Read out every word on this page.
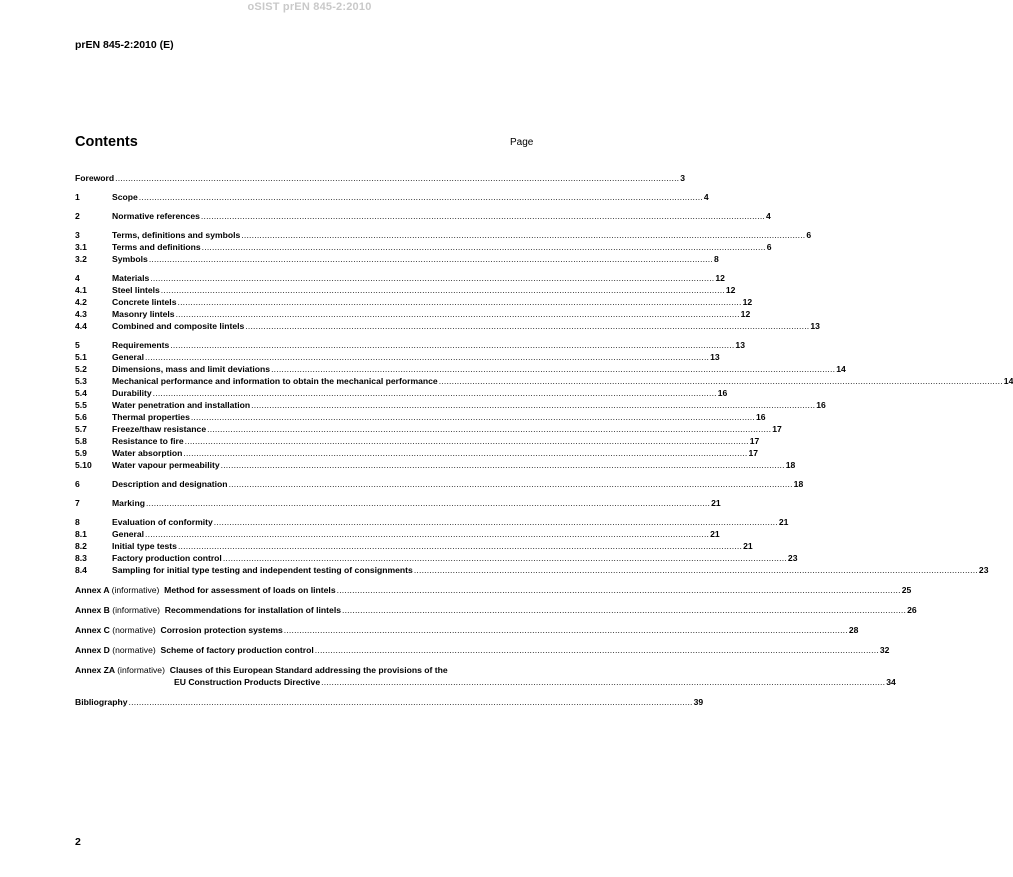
oSIST prEN 845-2:2010
prEN 845-2:2010 (E)
Contents	Page
Foreword .....	3
1	Scope .....	4
2	Normative references .....	4
3	Terms, definitions and symbols .....	6
3.1	Terms and definitions .....	6
3.2	Symbols .....	8
4	Materials .....	12
4.1	Steel lintels .....	12
4.2	Concrete lintels .....	12
4.3	Masonry lintels .....	12
4.4	Combined and composite lintels .....	13
5	Requirements .....	13
5.1	General .....	13
5.2	Dimensions, mass and limit deviations .....	14
5.3	Mechanical performance and information to obtain the mechanical performance .....	14
5.4	Durability .....	16
5.5	Water penetration and installation .....	16
5.6	Thermal properties .....	16
5.7	Freeze/thaw resistance .....	17
5.8	Resistance to fire .....	17
5.9	Water absorption .....	17
5.10	Water vapour permeability .....	18
6	Description and designation .....	18
7	Marking .....	21
8	Evaluation of conformity .....	21
8.1	General .....	21
8.2	Initial type tests .....	21
8.3	Factory production control .....	23
8.4	Sampling for initial type testing and independent testing of consignments .....	23
Annex A (informative) Method for assessment of loads on lintels .....	25
Annex B (informative) Recommendations for installation of lintels .....	26
Annex C (normative) Corrosion protection systems .....	28
Annex D (normative) Scheme of factory production control .....	32
Annex ZA (informative) Clauses of this European Standard addressing the provisions of the
EU Construction Products Directive .....	34
Bibliography .....	39
2
